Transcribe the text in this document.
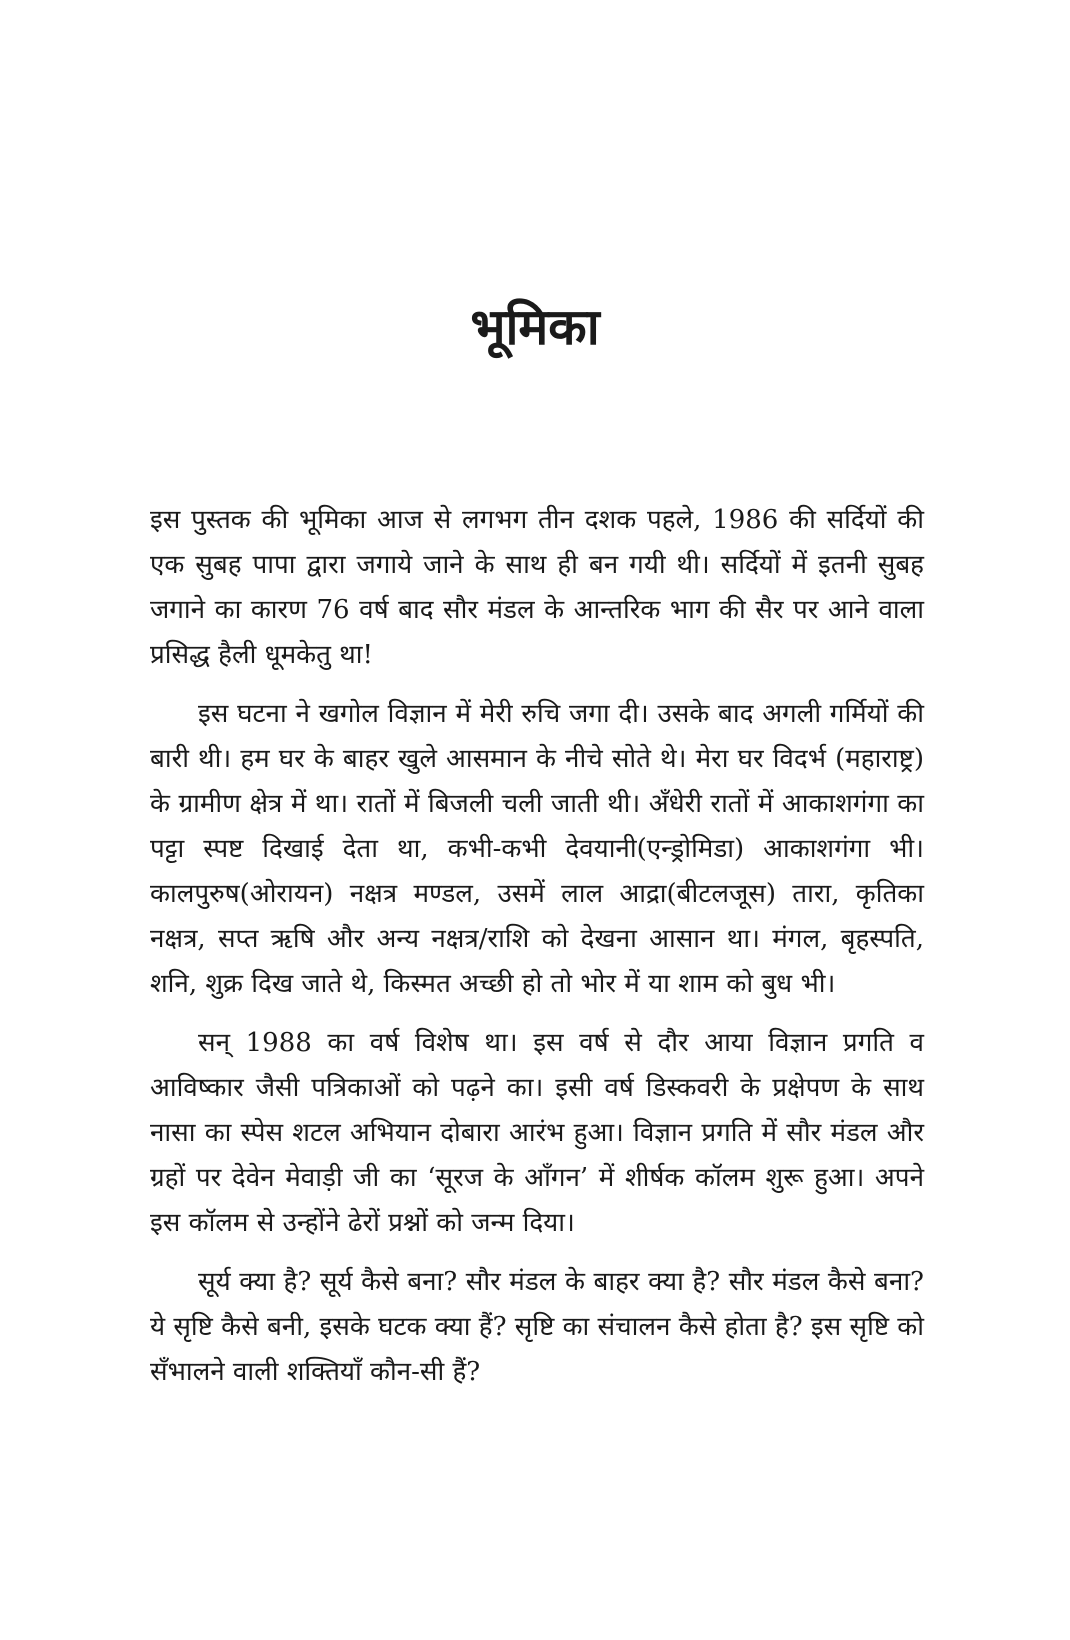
भूमिका

इस पुस्तक की भूमिका आज से लगभग तीन दशक पहले, 1986 की सर्दियों की एक सुबह पापा द्वारा जगाये जाने के साथ ही बन गयी थी। सर्दियों में इतनी सुबह जगाने का कारण 76 वर्ष बाद सौर मंडल के आन्तरिक भाग की सैर पर आने वाला प्रसिद्ध हैली धूमकेतु था!

इस घटना ने खगोल विज्ञान में मेरी रुचि जगा दी। उसके बाद अगली गर्मियों की बारी थी। हम घर के बाहर खुले आसमान के नीचे सोते थे। मेरा घर विदर्भ (महाराष्ट्र) के ग्रामीण क्षेत्र में था। रातों में बिजली चली जाती थी। अँधेरी रातों में आकाशगंगा का पट्टा स्पष्ट दिखाई देता था, कभी-कभी देवयानी(एन्ड्रोमिडा) आकाशगंगा भी। कालपुरुष(ओरायन) नक्षत्र मण्डल, उसमें लाल आद्रा(बीटलजूस) तारा, कृतिका नक्षत्र, सप्त ऋषि और अन्य नक्षत्र/राशि को देखना आसान था। मंगल, बृहस्पति, शनि, शुक्र दिख जाते थे, किस्मत अच्छी हो तो भोर में या शाम को बुध भी।

सन् 1988 का वर्ष विशेष था। इस वर्ष से दौर आया विज्ञान प्रगति व आविष्कार जैसी पत्रिकाओं को पढ़ने का। इसी वर्ष डिस्कवरी के प्रक्षेपण के साथ नासा का स्पेस शटल अभियान दोबारा आरंभ हुआ। विज्ञान प्रगति में सौर मंडल और ग्रहों पर देवेन मेवाड़ी जी का ‘सूरज के आँगन’ में शीर्षक कॉलम शुरू हुआ। अपने इस कॉलम से उन्होंने ढेरों प्रश्नों को जन्म दिया।

सूर्य क्या है? सूर्य कैसे बना? सौर मंडल के बाहर क्या है? सौर मंडल कैसे बना? ये सृष्टि कैसे बनी, इसके घटक क्या हैं? सृष्टि का संचालन कैसे होता है? इस सृष्टि को सँभालने वाली शक्तियाँ कौन-सी हैं?
